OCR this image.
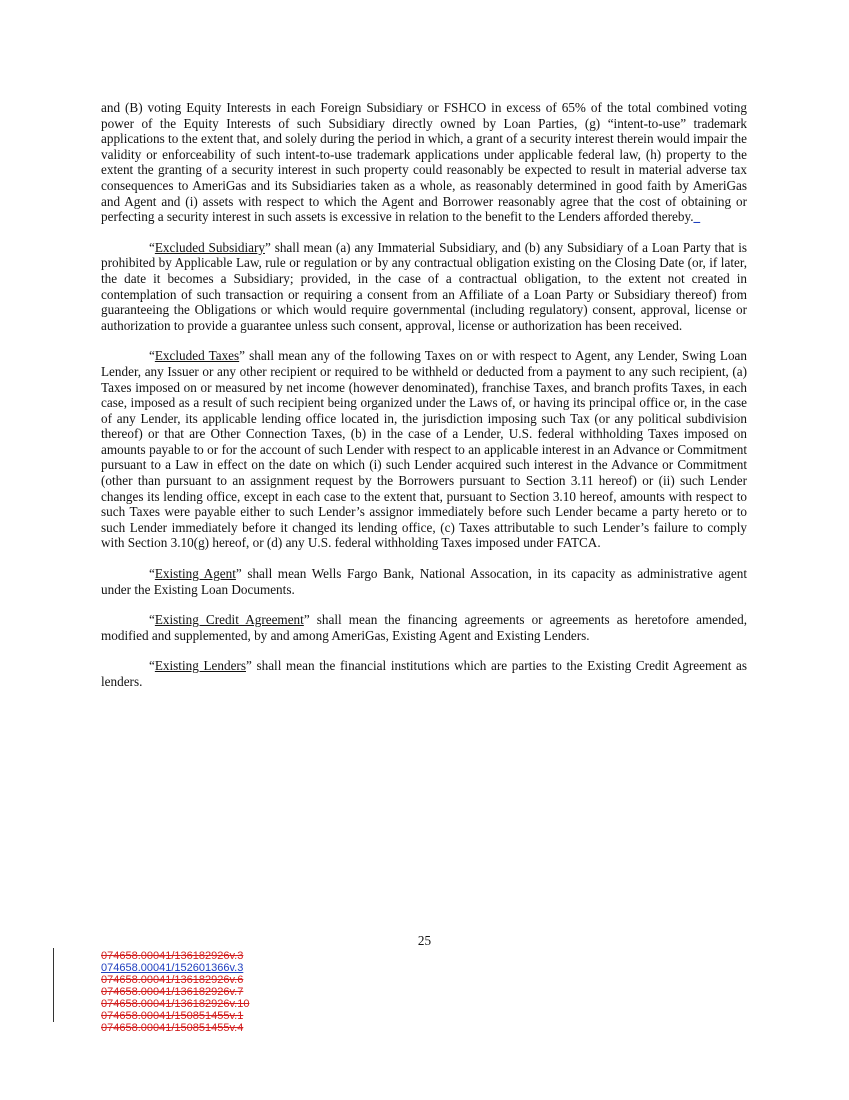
and (B) voting Equity Interests in each Foreign Subsidiary or FSHCO in excess of 65% of the total combined voting power of the Equity Interests of such Subsidiary directly owned by Loan Parties, (g) “intent-to-use” trademark applications to the extent that, and solely during the period in which, a grant of a security interest therein would impair the validity or enforceability of such intent-to-use trademark applications under applicable federal law, (h) property to the extent the granting of a security interest in such property could reasonably be expected to result in material adverse tax consequences to AmeriGas and its Subsidiaries taken as a whole, as reasonably determined in good faith by AmeriGas and Agent and (i) assets with respect to which the Agent and Borrower reasonably agree that the cost of obtaining or perfecting a security interest in such assets is excessive in relation to the benefit to the Lenders afforded thereby._

“Excluded Subsidiary” shall mean (a) any Immaterial Subsidiary, and (b) any Subsidiary of a Loan Party that is prohibited by Applicable Law, rule or regulation or by any contractual obligation existing on the Closing Date (or, if later, the date it becomes a Subsidiary; provided, in the case of a contractual obligation, to the extent not created in contemplation of such transaction or requiring a consent from an Affiliate of a Loan Party or Subsidiary thereof) from guaranteeing the Obligations or which would require governmental (including regulatory) consent, approval, license or authorization to provide a guarantee unless such consent, approval, license or authorization has been received.

“Excluded Taxes” shall mean any of the following Taxes on or with respect to Agent, any Lender, Swing Loan Lender, any Issuer or any other recipient or required to be withheld or deducted from a payment to any such recipient, (a) Taxes imposed on or measured by net income (however denominated), franchise Taxes, and branch profits Taxes, in each case, imposed as a result of such recipient being organized under the Laws of, or having its principal office or, in the case of any Lender, its applicable lending office located in, the jurisdiction imposing such Tax (or any political subdivision thereof) or that are Other Connection Taxes, (b) in the case of a Lender, U.S. federal withholding Taxes imposed on amounts payable to or for the account of such Lender with respect to an applicable interest in an Advance or Commitment pursuant to a Law in effect on the date on which (i) such Lender acquired such interest in the Advance or Commitment (other than pursuant to an assignment request by the Borrowers pursuant to Section 3.11 hereof) or (ii) such Lender changes its lending office, except in each case to the extent that, pursuant to Section 3.10 hereof, amounts with respect to such Taxes were payable either to such Lender’s assignor immediately before such Lender became a party hereto or to such Lender immediately before it changed its lending office, (c) Taxes attributable to such Lender’s failure to comply with Section 3.10(g) hereof, or (d) any U.S. federal withholding Taxes imposed under FATCA.

“Existing Agent” shall mean Wells Fargo Bank, National Assocation, in its capacity as administrative agent under the Existing Loan Documents.

“Existing Credit Agreement” shall mean the financing agreements or agreements as heretofore amended, modified and supplemented, by and among AmeriGas, Existing Agent and Existing Lenders.

“Existing Lenders” shall mean the financial institutions which are parties to the Existing Credit Agreement as lenders.

25
074658.00041/136182926v.3
074658.00041/152601366v.3
074658.00041/136182926v.6
074658.00041/136182926v.7
074658.00041/136182926v.10
074658.00041/150851455v.1
074658.00041/150851455v.4
